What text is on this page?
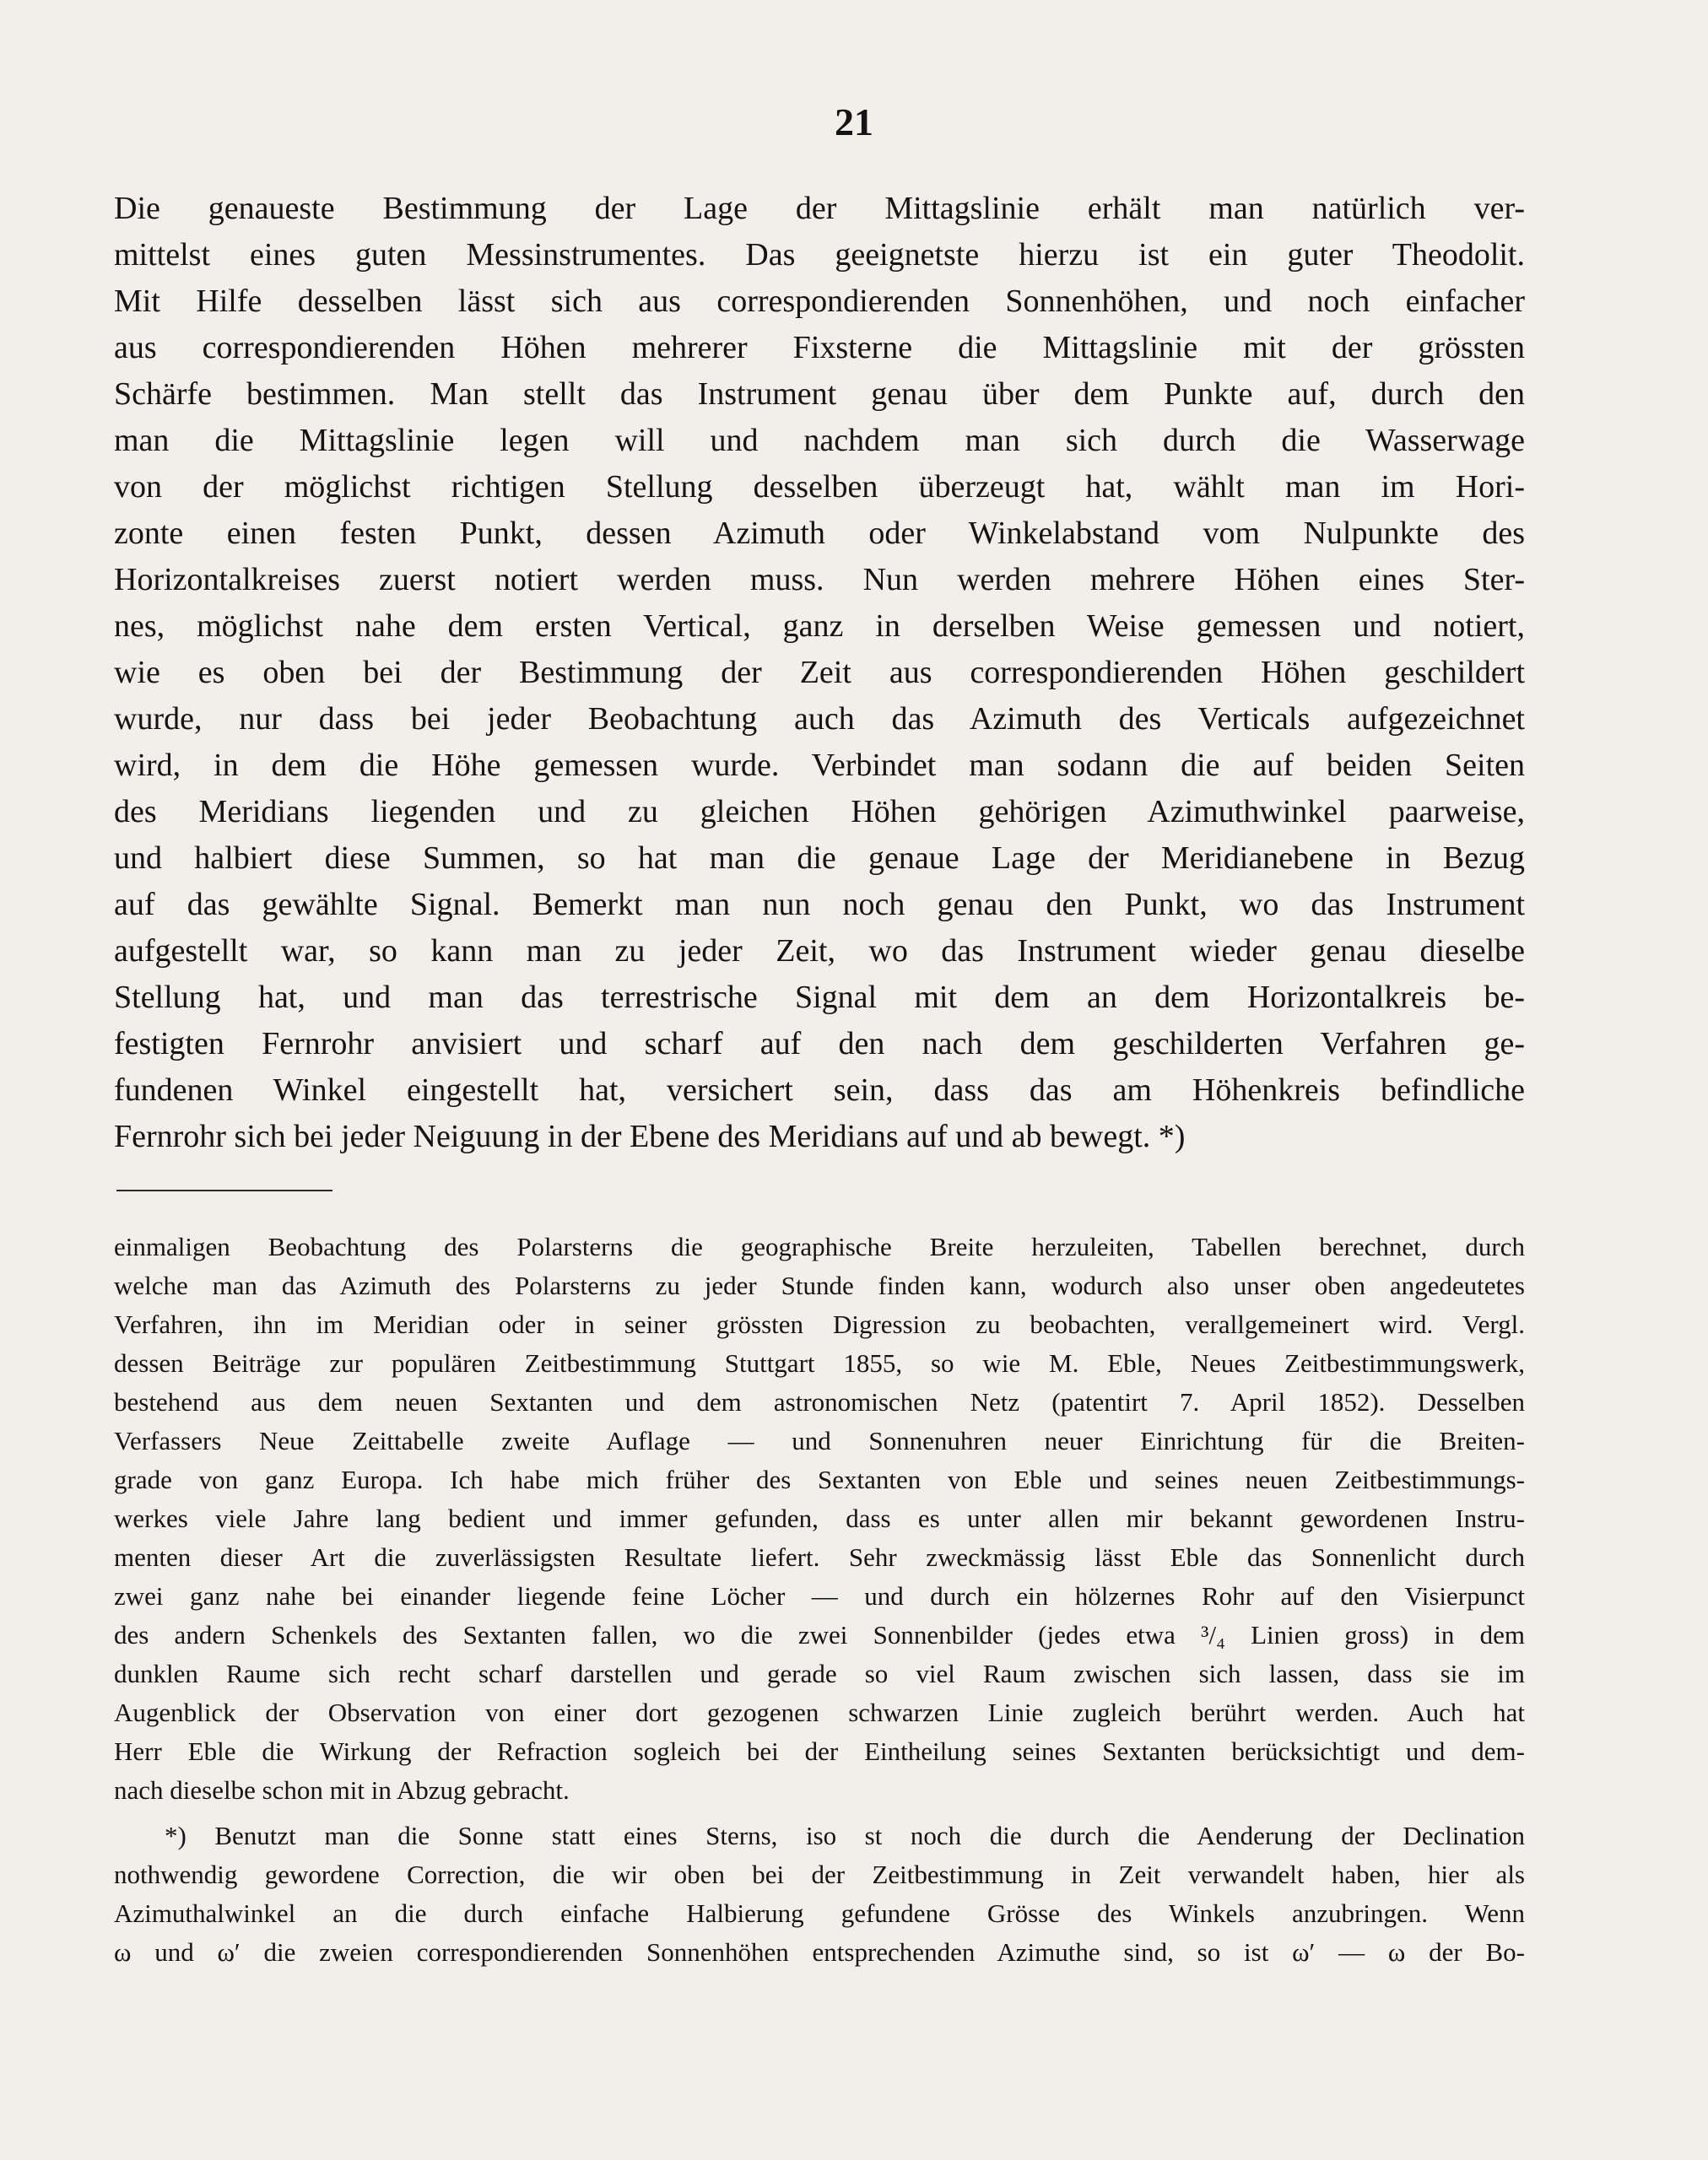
21
Die genaueste Bestimmung der Lage der Mittagslinie erhält man natürlich ver-
mittelst eines guten Messinstrumentes. Das geeignetste hierzu ist ein guter Theodolit.
Mit Hilfe desselben lässt sich aus correspondierenden Sonnenhöhen, und noch einfacher
aus correspondierenden Höhen mehrerer Fixsterne die Mittagslinie mit der grössten
Schärfe bestimmen. Man stellt das Instrument genau über dem Punkte auf, durch den
man die Mittagslinie legen will und nachdem man sich durch die Wasserwage
von der möglichst richtigen Stellung desselben überzeugt hat, wählt man im Hori-
zonte einen festen Punkt, dessen Azimuth oder Winkelabstand vom Nulpunkte des
Horizontalkreises zuerst notiert werden muss. Nun werden mehrere Höhen eines Ster-
nes, möglichst nahe dem ersten Vertical, ganz in derselben Weise gemessen und notiert,
wie es oben bei der Bestimmung der Zeit aus correspondierenden Höhen geschildert
wurde, nur dass bei jeder Beobachtung auch das Azimuth des Verticals aufgezeichnet
wird, in dem die Höhe gemessen wurde. Verbindet man sodann die auf beiden Seiten
des Meridians liegenden und zu gleichen Höhen gehörigen Azimuthwinkel paarweise,
und halbiert diese Summen, so hat man die genaue Lage der Meridianebene in Bezug
auf das gewählte Signal. Bemerkt man nun noch genau den Punkt, wo das Instrument
aufgestellt war, so kann man zu jeder Zeit, wo das Instrument wieder genau dieselbe
Stellung hat, und man das terrestrische Signal mit dem an dem Horizontalkreis be-
festigten Fernrohr anvisiert und scharf auf den nach dem geschilderten Verfahren ge-
fundenen Winkel eingestellt hat, versichert sein, dass das am Höhenkreis befindliche
Fernrohr sich bei jeder Neiguung in der Ebene des Meridians auf und ab bewegt. *)
einmaligen Beobachtung des Polarsterns die geographische Breite herzuleiten, Tabellen berechnet, durch
welche man das Azimuth des Polarsterns zu jeder Stunde finden kann, wodurch also unser oben angedeutetes
Verfahren, ihn im Meridian oder in seiner grössten Digression zu beobachten, verallgemeinert wird. Vergl.
dessen Beiträge zur populären Zeitbestimmung Stuttgart 1855, so wie M. Eble, Neues Zeitbestimmungswerk,
bestehend aus dem neuen Sextanten und dem astronomischen Netz (patentirt 7. April 1852). Desselben
Verfassers Neue Zeittabelle zweite Auflage — und Sonnenuhren neuer Einrichtung für die Breiten-
grade von ganz Europa. Ich habe mich früher des Sextanten von Eble und seines neuen Zeitbestimmungs-
werkes viele Jahre lang bedient und immer gefunden, dass es unter allen mir bekannt gewordenen Instru-
menten dieser Art die zuverlässigsten Resultate liefert. Sehr zweckmässig lässt Eble das Sonnenlicht durch
zwei ganz nahe bei einander liegende feine Löcher — und durch ein hölzernes Rohr auf den Visierpunct
des andern Schenkels des Sextanten fallen, wo die zwei Sonnenbilder (jedes etwa ³/₄ Linien gross) in dem
dunklen Raume sich recht scharf darstellen und gerade so viel Raum zwischen sich lassen, dass sie im
Augenblick der Observation von einer dort gezogenen schwarzen Linie zugleich berührt werden. Auch hat
Herr Eble die Wirkung der Refraction sogleich bei der Eintheilung seines Sextanten berücksichtigt und dem-
nach dieselbe schon mit in Abzug gebracht.
*) Benutzt man die Sonne statt eines Sterns, iso st noch die durch die Aenderung der Declination
nothwendig gewordene Correction, die wir oben bei der Zeitbestimmung in Zeit verwandelt haben, hier als
Azimuthalwinkel an die durch einfache Halbierung gefundene Grösse des Winkels anzubringen. Wenn
ω und ω′ die zweien correspondierenden Sonnenhöhen entsprechenden Azimuthe sind, so ist ω′ — ω der Bo-
